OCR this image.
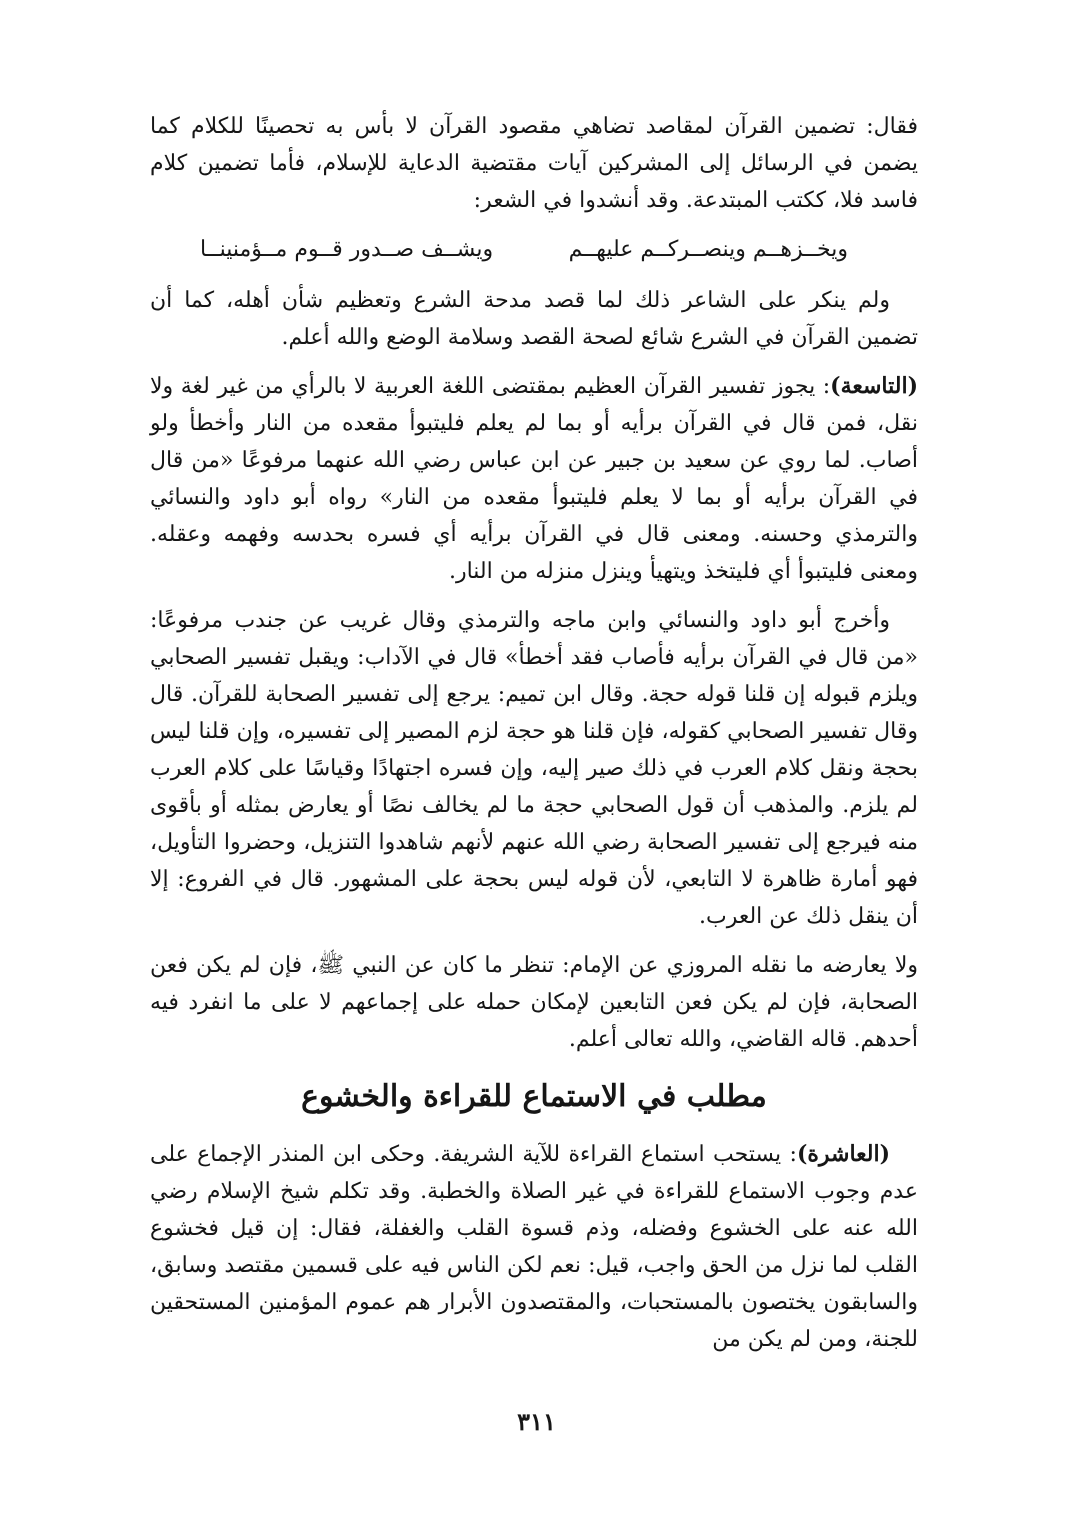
فقال: تضمين القرآن لمقاصد تضاهي مقصود القرآن لا بأس به تحصينًا للكلام كما يضمن في الرسائل إلى المشركين آيات مقتضية الدعاية للإسلام، فأما تضمين كلام فاسد فلا، ككتب المبتدعة. وقد أنشدوا في الشعر:

ويخــزهــم وينصــركــم عليهــم
ويشــف صــدور قــوم مــؤمنينــا

ولم ينكر على الشاعر ذلك لما قصد مدحة الشرع وتعظيم شأن أهله، كما أن تضمين القرآن في الشرع شائع لصحة القصد وسلامة الوضع والله أعلم.

(التاسعة): يجوز تفسير القرآن العظيم بمقتضى اللغة العربية لا بالرأي من غير لغة ولا نقل، فمن قال في القرآن برأيه أو بما لم يعلم فليتبوأ مقعده من النار وأخطأ ولو أصاب. لما روي عن سعيد بن جبير عن ابن عباس رضي الله عنهما مرفوعًا «من قال في القرآن برأيه أو بما لا يعلم فليتبوأ مقعده من النار» رواه أبو داود والنسائي والترمذي وحسنه. ومعنى قال في القرآن برأيه أي فسره بحدسه وفهمه وعقله. ومعنى فليتبوأ أي فليتخذ ويتهيأ وينزل منزله من النار.

وأخرج أبو داود والنسائي وابن ماجه والترمذي وقال غريب عن جندب مرفوعًا: «من قال في القرآن برأيه فأصاب فقد أخطأ» قال في الآداب: ويقبل تفسير الصحابي ويلزم قبوله إن قلنا قوله حجة. وقال ابن تميم: يرجع إلى تفسير الصحابة للقرآن. قال وقال تفسير الصحابي كقوله، فإن قلنا هو حجة لزم المصير إلى تفسيره، وإن قلنا ليس بحجة ونقل كلام العرب في ذلك صير إليه، وإن فسره اجتهادًا وقياسًا على كلام العرب لم يلزم. والمذهب أن قول الصحابي حجة ما لم يخالف نصًا أو يعارض بمثله أو بأقوى منه فيرجع إلى تفسير الصحابة رضي الله عنهم لأنهم شاهدوا التنزيل، وحضروا التأويل، فهو أمارة ظاهرة لا التابعي، لأن قوله ليس بحجة على المشهور. قال في الفروع: إلا أن ينقل ذلك عن العرب.

ولا يعارضه ما نقله المروزي عن الإمام: تنظر ما كان عن النبي ﷺ، فإن لم يكن فعن الصحابة، فإن لم يكن فعن التابعين لإمكان حمله على إجماعهم لا على ما انفرد فيه أحدهم. قاله القاضي، والله تعالى أعلم.

مطلب في الاستماع للقراءة والخشوع

(العاشرة): يستحب استماع القراءة للآية الشريفة. وحكى ابن المنذر الإجماع على عدم وجوب الاستماع للقراءة في غير الصلاة والخطبة. وقد تكلم شيخ الإسلام رضي الله عنه على الخشوع وفضله، وذم قسوة القلب والغفلة، فقال: إن قيل فخشوع القلب لما نزل من الحق واجب، قيل: نعم لكن الناس فيه على قسمين مقتصد وسابق، والسابقون يختصون بالمستحبات، والمقتصدون الأبرار هم عموم المؤمنين المستحقين للجنة، ومن لم يكن من

٣١١
